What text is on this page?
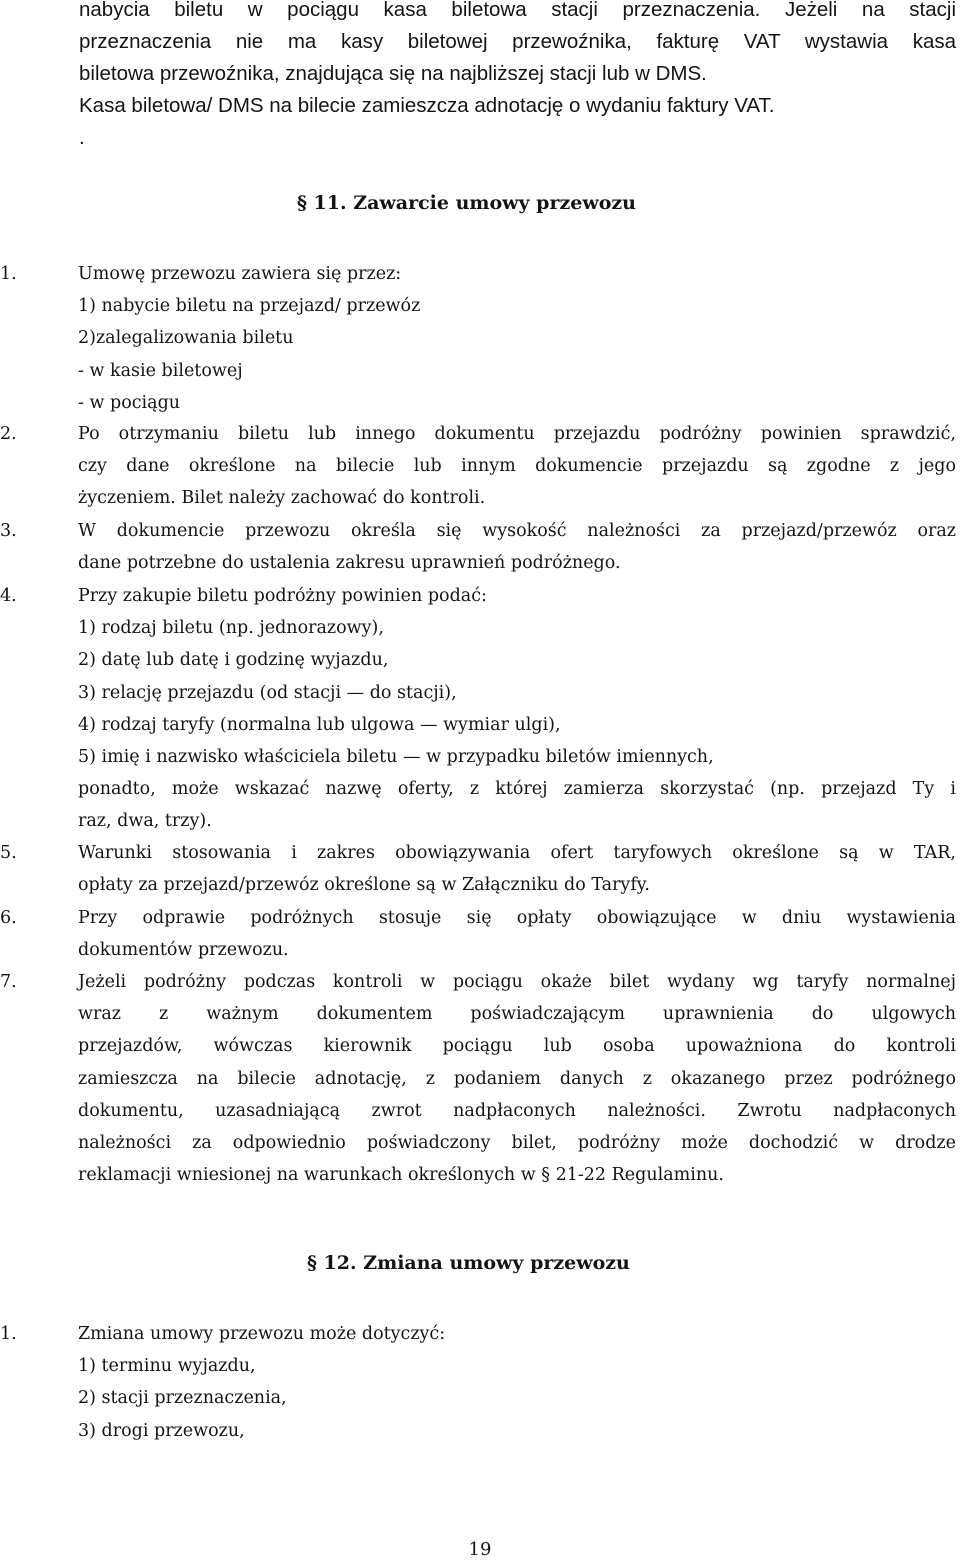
nabycia biletu w pociągu kasa biletowa stacji przeznaczenia. Jeżeli na stacji
przeznaczenia nie ma kasy biletowej przewoźnika, fakturę VAT wystawia kasa
biletowa przewoźnika, znajdująca się na najbliższej stacji lub w DMS.
Kasa biletowa/ DMS na bilecie zamieszcza adnotację o wydaniu faktury VAT.
.
§ 11. Zawarcie umowy przewozu
1.	Umowę przewozu zawiera się przez:
1) nabycie biletu na przejazd/ przewóz
2)zalegalizowania biletu
- w kasie biletowej
- w pociągu
2.	Po otrzymaniu biletu lub innego dokumentu przejazdu podróżny powinien sprawdzić,
czy dane określone na bilecie lub innym dokumencie przejazdu są zgodne z jego
życzeniem. Bilet należy zachować do kontroli.
3.	W dokumencie przewozu określa się wysokość należności za przejazd/przewóz oraz
dane potrzebne do ustalenia zakresu uprawnień podróżnego.
4.	Przy zakupie biletu podróżny powinien podać:
1) rodzaj biletu (np. jednorazowy),
2) datę lub datę i godzinę wyjazdu,
3) relację przejazdu (od stacji — do stacji),
4) rodzaj taryfy (normalna lub ulgowa — wymiar ulgi),
5) imię i nazwisko właściciela biletu — w przypadku biletów imiennych,
ponadto, może wskazać nazwę oferty, z której zamierza skorzystać (np. przejazd Ty i
raz, dwa, trzy).
5.	Warunki stosowania i zakres obowiązywania ofert taryfowych określone są w TAR,
opłaty za przejazd/przewóz określone są w Załączniku do Taryfy.
6.	Przy odprawie podróżnych stosuje się opłaty obowiązujące w dniu wystawienia
dokumentów przewozu.
7.	Jeżeli podróżny podczas kontroli w pociągu okaże bilet wydany wg taryfy normalnej
wraz z ważnym dokumentem poświadczającym uprawnienia do ulgowych
przejazdów, wówczas kierownik pociągu lub osoba upoważniona do kontroli
zamieszcza na bilecie adnotację, z podaniem danych z okazanego przez podróżnego
dokumentu, uzasadniającą zwrot nadpłaconych należności. Zwrotu nadpłaconych
należności za odpowiednio poświadczony bilet, podróżny może dochodzić w drodze
reklamacji wniesionej na warunkach określonych w § 21-22 Regulaminu.
§ 12. Zmiana umowy przewozu
1.	Zmiana umowy przewozu może dotyczyć:
1) terminu wyjazdu,
2) stacji przeznaczenia,
3) drogi przewozu,
19
